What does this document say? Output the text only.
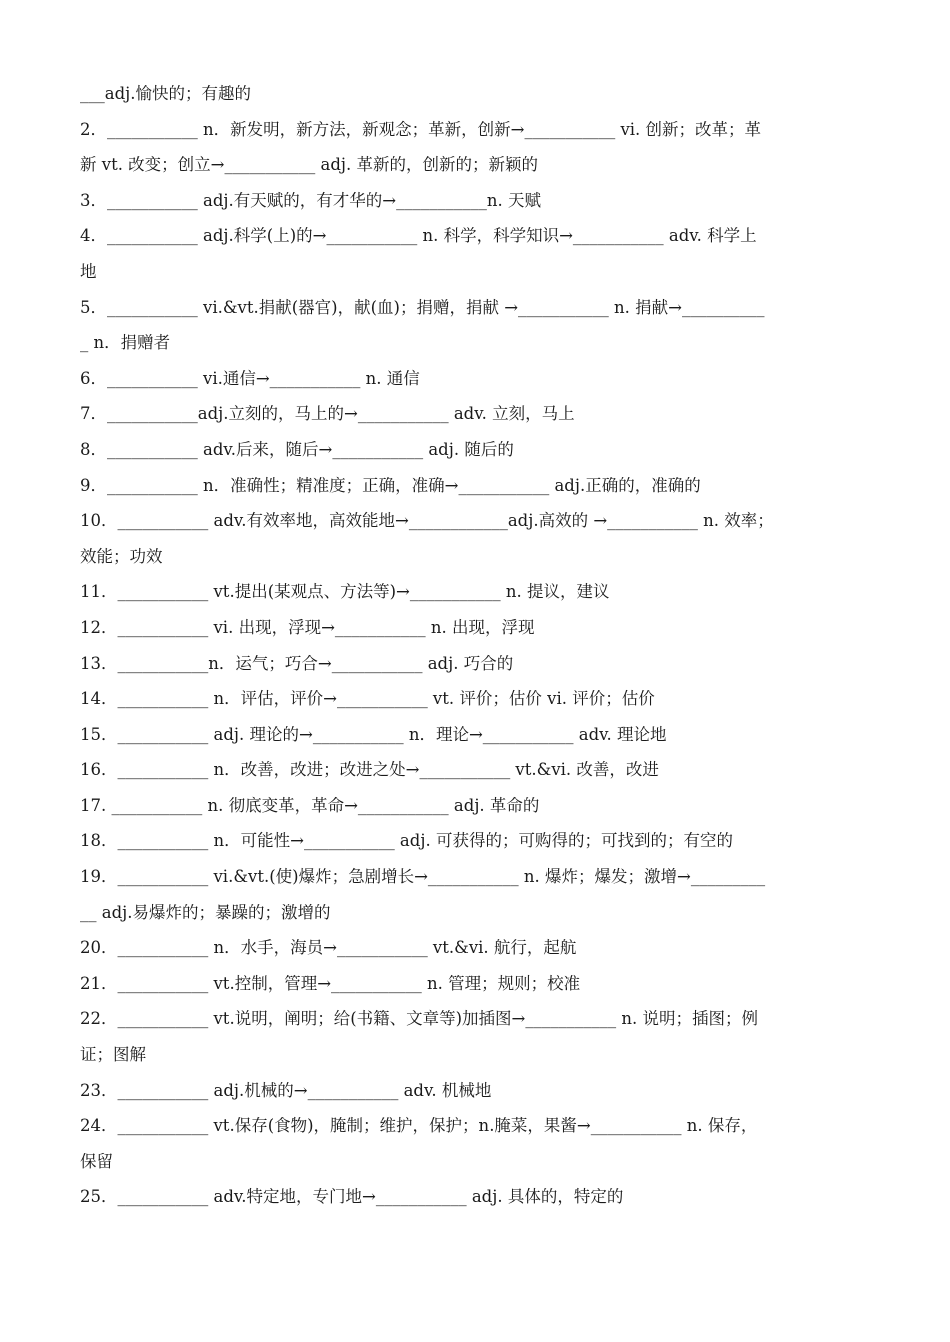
___adj.愉快的；有趣的
2．___________ n．新发明，新方法，新观念；革新，创新→___________ vi. 创新；改革；革
新 vt. 改变；创立→___________ adj. 革新的，创新的；新颖的
3．___________ adj.有天赋的，有才华的→___________n. 天赋
4．___________ adj.科学(上)的→___________ n. 科学，科学知识→___________ adv. 科学上
地
5．___________ vi.&vt.捐献(器官)，献(血)；捐赠，捐献 →___________ n. 捐献→__________
_ n．捐赠者
6．___________ vi.通信→___________ n. 通信
7．___________adj.立刻的，马上的→___________ adv. 立刻，马上
8．___________ adv.后来，随后→___________ adj. 随后的
9．___________ n．准确性；精准度；正确，准确→___________ adj.正确的，准确的
10．___________ adv.有效率地，高效能地→____________adj.高效的 →___________ n. 效率；
效能；功效
11．___________ vt.提出(某观点、方法等)→___________ n. 提议，建议
12．___________ vi. 出现，浮现→___________ n. 出现，浮现
13．___________n．运气；巧合→___________ adj. 巧合的
14．___________ n．评估，评价→___________ vt. 评价；估价 vi. 评价；估价
15．___________ adj. 理论的→___________ n．理论→___________ adv. 理论地
16．___________ n．改善，改进；改进之处→___________ vt.&vi. 改善，改进
17. ___________ n. 彻底变革，革命→___________ adj. 革命的
18．___________ n．可能性→___________ adj. 可获得的；可购得的；可找到的；有空的
19．___________ vi.&vt.(使)爆炸；急剧增长→___________ n. 爆炸；爆发；激增→_________
__ adj.易爆炸的；暴躁的；激增的
20．___________ n．水手，海员→___________ vt.&vi. 航行，起航
21．___________ vt.控制，管理→___________ n. 管理；规则；校准
22．___________ vt.说明，阐明；给(书籍、文章等)加插图→___________ n. 说明；插图；例
证；图解
23．___________ adj.机械的→___________ adv. 机械地
24．___________ vt.保存(食物)，腌制；维护，保护；n.腌菜，果酱→___________ n. 保存，
保留
25．___________ adv.特定地，专门地→___________ adj. 具体的，特定的
